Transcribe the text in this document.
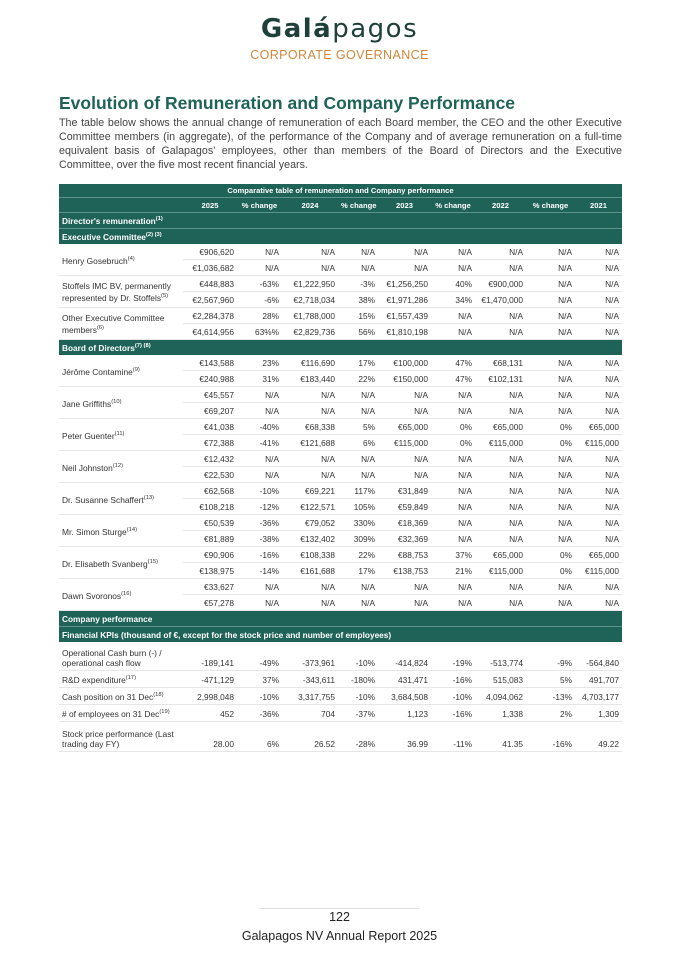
Galápagos
CORPORATE GOVERNANCE
Evolution of Remuneration and Company Performance

The table below shows the annual change of remuneration of each Board member, the CEO and the other Executive Committee members (in aggregate), of the performance of the Company and of average remuneration on a full-time equivalent basis of Galapagos’ employees, other than members of the Board of Directors and the Executive Committee, over the five most recent financial years.

Comparative table of remuneration and Company performance									
	2025	% change	2024	% change	2023	% change	2022	% change	2021
Director's remuneration$^{(1)}$
Executive Committee$^{(2) (3)}$
Henry Gosebruch$^{(4)}$	€906,620	N/A	N/A	N/A	N/A	N/A	N/A	N/A	N/A
	€1,036,682	N/A	N/A	N/A	N/A	N/A	N/A	N/A	N/A
Stoffels IMC BV, permanently represented by Dr. Stoffels$^{(5)}$	€448,883	-63%	€1,222,950	-3%	€1,256,250	40%	€900,000	N/A	N/A
	€2,567,960	-6%	€2,718,034	38%	€1,971,286	34%	€1,470,000	N/A	N/A
Other Executive Committee members$^{(6)}$	€2,284,378	28%	€1,788,000	15%	€1,557,439	N/A	N/A	N/A	N/A
	€4,614,956	63%%	€2,829,736	56%	€1,810,198	N/A	N/A	N/A	N/A
Board of Directors$^{(7) (8)}$
Jérôme Contamine$^{(9)}$	€143,588	23%	€116,690	17%	€100,000	47%	€68,131	N/A	N/A
	€240,988	31%	€183,440	22%	€150,000	47%	€102,131	N/A	N/A
Jane Griffiths$^{(10)}$	€45,557	N/A	N/A	N/A	N/A	N/A	N/A	N/A	N/A
	€69,207	N/A	N/A	N/A	N/A	N/A	N/A	N/A	N/A
Peter Guenter$^{(11)}$	€41,038	-40%	€68,338	5%	€65,000	0%	€65,000	0%	€65,000
	€72,388	-41%	€121,688	6%	€115,000	0%	€115,000	0%	€115,000
Neil Johnston$^{(12)}$	€12,432	N/A	N/A	N/A	N/A	N/A	N/A	N/A	N/A
	€22,530	N/A	N/A	N/A	N/A	N/A	N/A	N/A	N/A
Dr. Susanne Schaffert$^{(13)}$	€62,568	-10%	€69,221	117%	€31,849	N/A	N/A	N/A	N/A
	€108,218	-12%	€122,571	105%	€59,849	N/A	N/A	N/A	N/A
Mr. Simon Sturge$^{(14)}$	€50,539	-36%	€79,052	330%	€18,369	N/A	N/A	N/A	N/A
	€81,889	-38%	€132,402	309%	€32,369	N/A	N/A	N/A	N/A
Dr. Elisabeth Svanberg$^{(15)}$	€90,906	-16%	€108,338	22%	€88,753	37%	€65,000	0%	€65,000
	€138,975	-14%	€161,688	17%	€138,753	21%	€115,000	0%	€115,000
Dawn Svoronos$^{(16)}$	€33,627	N/A	N/A	N/A	N/A	N/A	N/A	N/A	N/A
	€57,278	N/A	N/A	N/A	N/A	N/A	N/A	N/A	N/A
Company performance									
Financial KPIs (thousand of €, except for the stock price and number of employees)									
Operational Cash burn (-) / operational cash flow	-189,141	-49%	-373,961	-10%	-414,824	-19%	-513,774	-9%	-564,840
R&D expenditure$^{(17)}$	-471,129	37%	-343,611	-180%	431,471	-16%	515,083	5%	491,707
Cash position on 31 Dec$^{(18)}$	2,998,048	-10%	3,317,755	-10%	3,684,508	-10%	4,094,062	-13%	4,703,177
# of employees on 31 Dec$^{(19)}$	452	-36%	704	-37%	1,123	-16%	1,338	2%	1,309
Stock price performance (Last trading day FY)	28.00	6%	26.52	-28%	36.99	-11%	41.35	-16%	49.22
122
Galapagos NV Annual Report 2025
